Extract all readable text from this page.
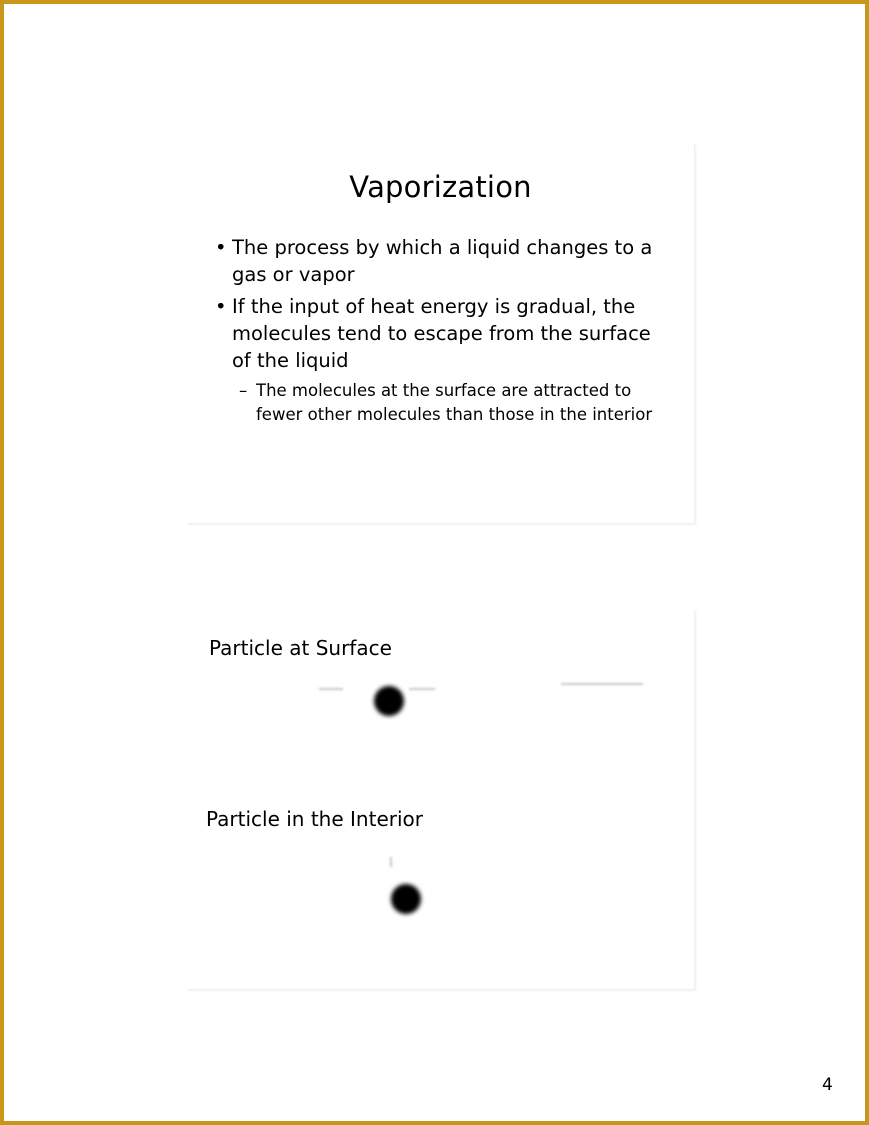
Vaporization
• The process by which a liquid changes to a gas or vapor
• If the input of heat energy is gradual, the molecules tend to escape from the surface of the liquid
– The molecules at the surface are attracted to fewer other molecules than those in the interior
Particle at Surface
Particle in the Interior
4
